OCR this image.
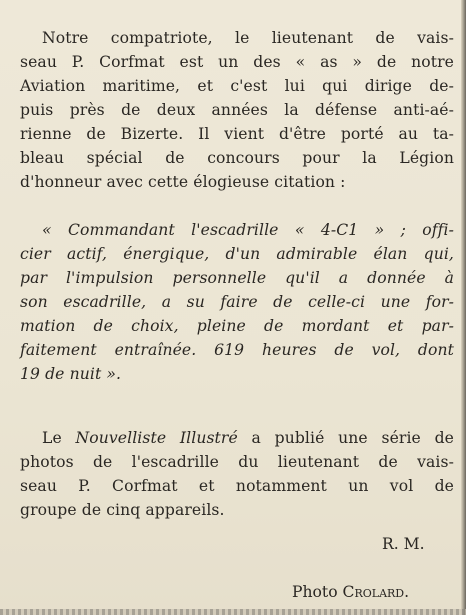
Notre compatriote, le lieutenant de vais-
seau P. Corfmat est un des « as » de notre
Aviation maritime, et c'est lui qui dirige de-
puis près de deux années la défense anti-aé-
rienne de Bizerte. Il vient d'être porté au ta-
bleau spécial de concours pour la Légion
d'honneur avec cette élogieuse citation :
« Commandant l'escadrille « 4-C1 » ; offi-
cier actif, énergique, d'un admirable élan qui,
par l'impulsion personnelle qu'il a donnée à
son escadrille, a su faire de celle-ci une for-
mation de choix, pleine de mordant et par-
faitement entraînée. 619 heures de vol, dont
19 de nuit ».
Le Nouvelliste Illustré a publié une série de
photos de l'escadrille du lieutenant de vais-
seau P. Corfmat et notamment un vol de
groupe de cinq appareils.
R. M.
Photo Crolard.
